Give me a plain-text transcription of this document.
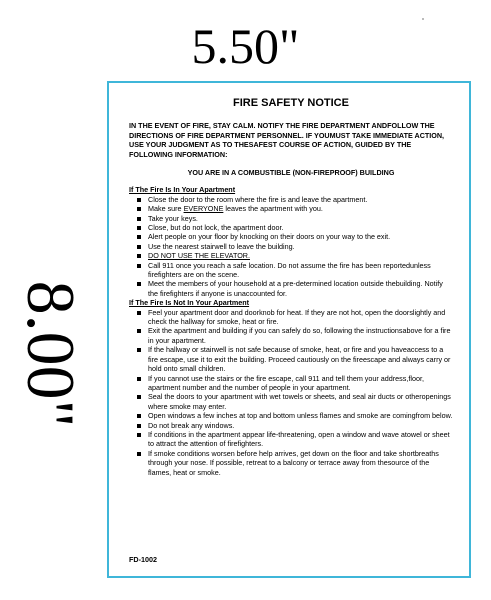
5.50"
8.00"
FIRE SAFETY NOTICE

IN THE EVENT OF FIRE, STAY CALM. NOTIFY THE FIRE DEPARTMENT ANDFOLLOW THE DIRECTIONS OF FIRE DEPARTMENT PERSONNEL. IF YOUMUST TAKE IMMEDIATE ACTION, USE YOUR JUDGMENT AS TO THESAFEST COURSE OF ACTION, GUIDED BY THE FOLLOWING INFORMATION:

YOU ARE IN A COMBUSTIBLE (NON-FIREPROOF) BUILDING
If The Fire Is In Your Apartment
Close the door to the room where the fire is and leave the apartment.
Make sure EVERYONE leaves the apartment with you.
Take your keys.
Close, but do not lock, the apartment door.
Alert people on your floor by knocking on their doors on your way to the exit.
Use the nearest stairwell to leave the building.
DO NOT USE THE ELEVATOR.
Call 911 once you reach a safe location. Do not assume the fire has been reportedunless firefighters are on the scene.
Meet the members of your household at a pre-determined location outside thebuilding. Notify the firefighters if anyone is unaccounted for.
If The Fire Is Not In Your Apartment
Feel your apartment door and doorknob for heat. If they are not hot, open the doorslightly and check the hallway for smoke, heat or fire.
Exit the apartment and building if you can safely do so, following the instructionsabove for a fire in your apartment.
If the hallway or stairwell is not safe because of smoke, heat, or fire and you haveaccess to a fire escape, use it to exit the building. Proceed cautiously on the fireescape and always carry or hold onto small children.
If you cannot use the stairs or the fire escape, call 911 and tell them your address,floor, apartment number and the number of people in your apartment.
Seal the doors to your apartment with wet towels or sheets, and seal air ducts or otheropenings where smoke may enter.
Open windows a few inches at top and bottom unless flames and smoke are comingfrom below.
Do not break any windows.
If conditions in the apartment appear life-threatening, open a window and wave atowel or sheet to attract the attention of firefighters.
If smoke conditions worsen before help arrives, get down on the floor and take shortbreaths through your nose. If possible, retreat to a balcony or terrace away from thesource of the flames, heat or smoke.
FD-1002
